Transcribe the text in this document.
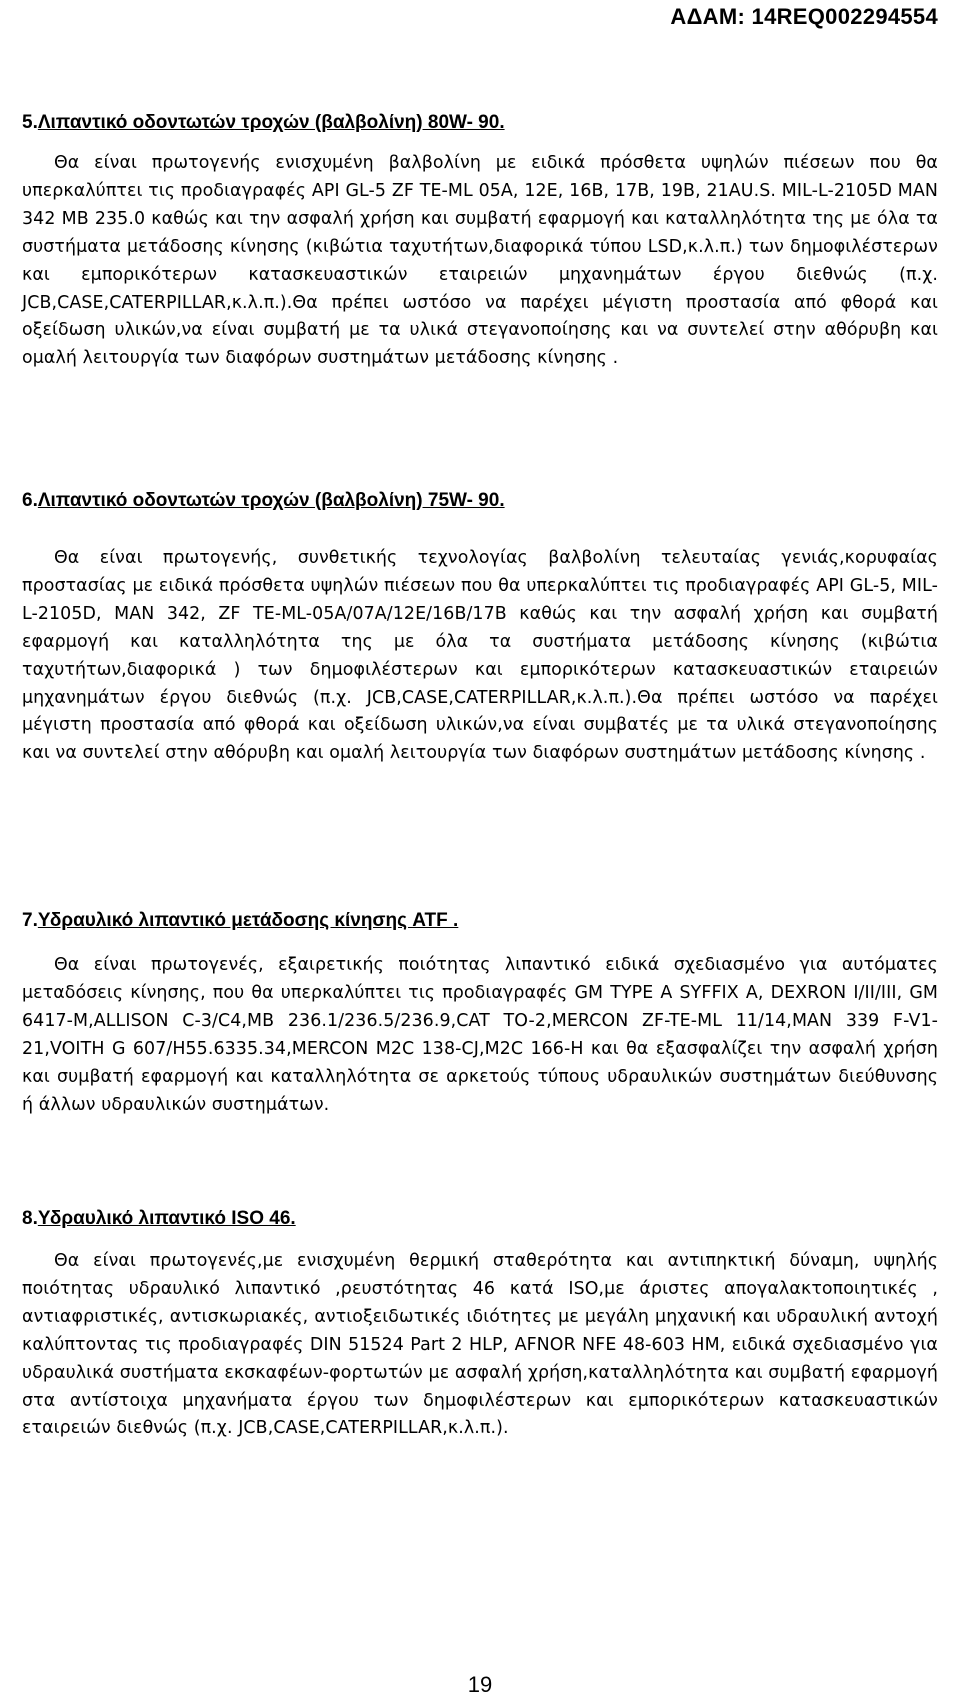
ΑΔΑΜ: 14REQ002294554
5.Λιπαντικό οδοντωτών τροχών (βαλβολίνη) 80W- 90.
Θα είναι πρωτογενής ενισχυμένη βαλβολίνη με ειδικά πρόσθετα υψηλών πιέσεων που θα υπερκαλύπτει τις προδιαγραφές API GL-5 ZF TE-ML 05A, 12E, 16B, 17B, 19B, 21AU.S. MIL-L-2105D MAN 342 MB 235.0 καθώς και την ασφαλή χρήση και συμβατή εφαρμογή και καταλληλότητα της με όλα τα συστήματα μετάδοσης κίνησης (κιβώτια ταχυτήτων,διαφορικά τύπου LSD,κ.λ.π.) των δημοφιλέστερων και εμπορικότερων κατασκευαστικών εταιρειών μηχανημάτων έργου διεθνώς (π.χ. JCB,CASE,CATERPILLAR,κ.λ.π.).Θα πρέπει ωστόσο να παρέχει μέγιστη προστασία από φθορά και οξείδωση υλικών,να είναι συμβατή με τα υλικά στεγανοποίησης και να συντελεί στην αθόρυβη και ομαλή λειτουργία των διαφόρων συστημάτων μετάδοσης κίνησης .
6.Λιπαντικό οδοντωτών τροχών (βαλβολίνη) 75W- 90.
Θα είναι πρωτογενής, συνθετικής τεχνολογίας βαλβολίνη τελευταίας γενιάς,κορυφαίας προστασίας με ειδικά πρόσθετα υψηλών πιέσεων που θα υπερκαλύπτει τις προδιαγραφές API GL-5, MIL-L-2105D, MAN 342, ZF TE-ML-05A/07A/12E/16B/17B καθώς και την ασφαλή χρήση και συμβατή εφαρμογή και καταλληλότητα της με όλα τα συστήματα μετάδοσης κίνησης (κιβώτια ταχυτήτων,διαφορικά ) των δημοφιλέστερων και εμπορικότερων κατασκευαστικών εταιρειών μηχανημάτων έργου διεθνώς (π.χ. JCB,CASE,CATERPILLAR,κ.λ.π.).Θα πρέπει ωστόσο να παρέχει μέγιστη προστασία από φθορά και οξείδωση υλικών,να είναι συμβατές με τα υλικά στεγανοποίησης και να συντελεί στην αθόρυβη και ομαλή λειτουργία των διαφόρων συστημάτων μετάδοσης κίνησης .
7.Υδραυλικό λιπαντικό μετάδοσης κίνησης ATF .
Θα είναι πρωτογενές, εξαιρετικής ποιότητας λιπαντικό ειδικά σχεδιασμένο για αυτόματες μεταδόσεις κίνησης, που θα υπερκαλύπτει τις προδιαγραφές GM TYPE A SYFFIX A, DEXRON I/II/III, GM 6417-M,ALLISON C-3/C4,MB 236.1/236.5/236.9,CAT TO-2,MERCON ZF-TE-ML 11/14,MAN 339 F-V1-21,VOITH G 607/H55.6335.34,MERCON M2C 138-CJ,M2C 166-H και θα εξασφαλίζει την ασφαλή χρήση και συμβατή εφαρμογή και καταλληλότητα σε αρκετούς τύπους υδραυλικών συστημάτων διεύθυνσης ή άλλων υδραυλικών συστημάτων.
8.Υδραυλικό λιπαντικό ISO 46.
Θα είναι πρωτογενές,με ενισχυμένη θερμική σταθερότητα και αντιπηκτική δύναμη, υψηλής ποιότητας υδραυλικό λιπαντικό ,ρευστότητας 46 κατά ISO,με άριστες απογαλακτοποιητικές , αντιαφριστικές, αντισκωριακές, αντιοξειδωτικές ιδιότητες με μεγάλη μηχανική και υδραυλική αντοχή καλύπτοντας τις προδιαγραφές DIN 51524 Part 2 HLP, AFNOR NFE 48-603 HM, ειδικά σχεδιασμένο για υδραυλικά συστήματα εκσκαφέων-φορτωτών με ασφαλή χρήση,καταλληλότητα και συμβατή εφαρμογή στα αντίστοιχα μηχανήματα έργου των δημοφιλέστερων και εμπορικότερων κατασκευαστικών εταιρειών διεθνώς (π.χ. JCB,CASE,CATERPILLAR,κ.λ.π.).
19
